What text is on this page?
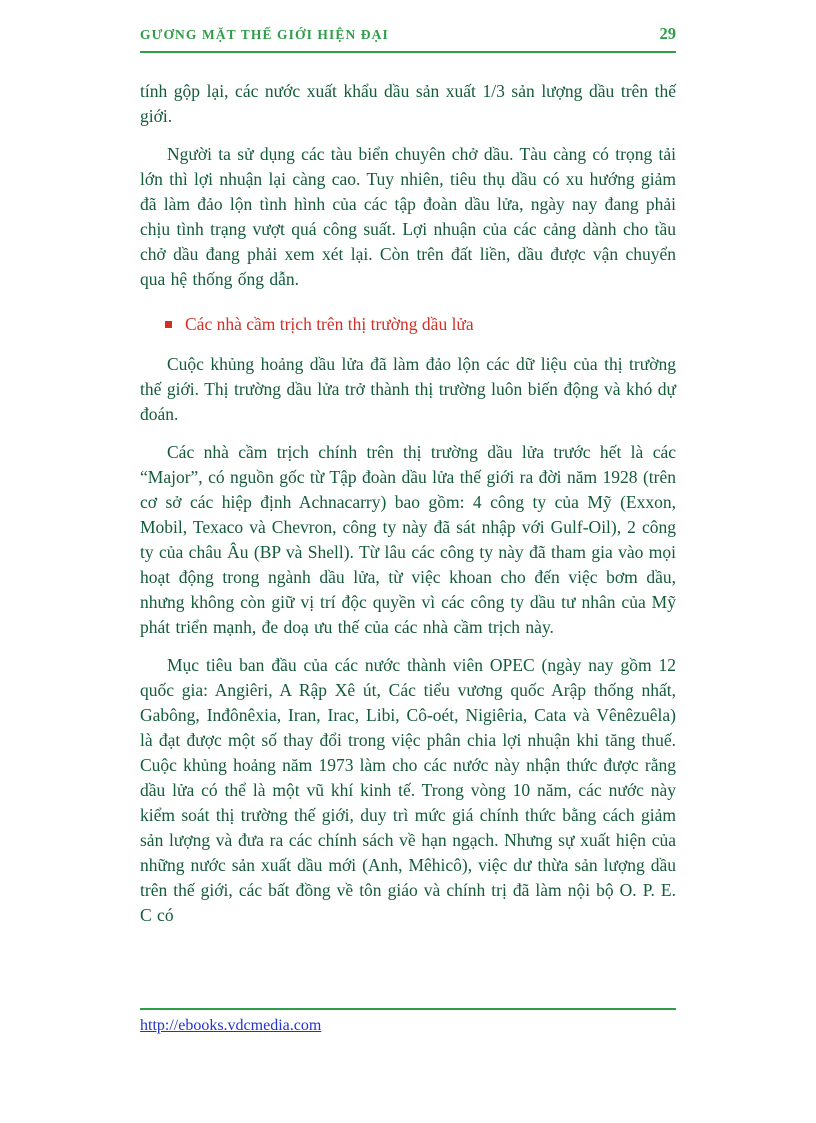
GƯƠNG MẶT THẾ GIỚI HIỆN ĐẠI	29

tính gộp lại, các nước xuất khẩu dầu sản xuất 1/3 sản lượng dầu trên thế giới.

Người ta sử dụng các tàu biển chuyên chở dầu. Tàu càng có trọng tải lớn thì lợi nhuận lại càng cao. Tuy nhiên, tiêu thụ dầu có xu hướng giảm đã làm đảo lộn tình hình của các tập đoàn dầu lửa, ngày nay đang phải chịu tình trạng vượt quá công suất. Lợi nhuận của các cảng dành cho tầu chở dầu đang phải xem xét lại. Còn trên đất liền, dầu được vận chuyển qua hệ thống ống dẫn.

Các nhà cầm trịch trên thị trường dầu lửa

Cuộc khủng hoảng dầu lửa đã làm đảo lộn các dữ liệu của thị trường thế giới. Thị trường dầu lửa trở thành thị trường luôn biến động và khó dự đoán.

Các nhà cầm trịch chính trên thị trường dầu lửa trước hết là các “Major”, có nguồn gốc từ Tập đoàn dầu lửa thế giới ra đời năm 1928 (trên cơ sở các hiệp định Achnacarry) bao gồm: 4 công ty của Mỹ (Exxon, Mobil, Texaco và Chevron, công ty này đã sát nhập với Gulf-Oil), 2 công ty của châu Âu (BP và Shell). Từ lâu các công ty này đã tham gia vào mọi hoạt động trong ngành dầu lửa, từ việc khoan cho đến việc bơm dầu, nhưng không còn giữ vị trí độc quyền vì các công ty dầu tư nhân của Mỹ phát triển mạnh, đe doạ ưu thế của các nhà cầm trịch này.

Mục tiêu ban đầu của các nước thành viên OPEC (ngày nay gồm 12 quốc gia: Angiêri, A Rập Xê út, Các tiểu vương quốc Arập thống nhất, Gabông, Inđônêxia, Iran, Irac, Libi, Cô-oét, Nigiêria, Cata và Vênêzuêla) là đạt được một số thay đổi trong việc phân chia lợi nhuận khi tăng thuế. Cuộc khủng hoảng năm 1973 làm cho các nước này nhận thức được rằng dầu lửa có thể là một vũ khí kinh tế. Trong vòng 10 năm, các nước này kiểm soát thị trường thế giới, duy trì mức giá chính thức bằng cách giảm sản lượng và đưa ra các chính sách về hạn ngạch. Nhưng sự xuất hiện của những nước sản xuất dầu mới (Anh, Mêhicô), việc dư thừa sản lượng dầu trên thế giới, các bất đồng về tôn giáo và chính trị đã làm nội bộ O. P. E. C có

http://ebooks.vdcmedia.com
